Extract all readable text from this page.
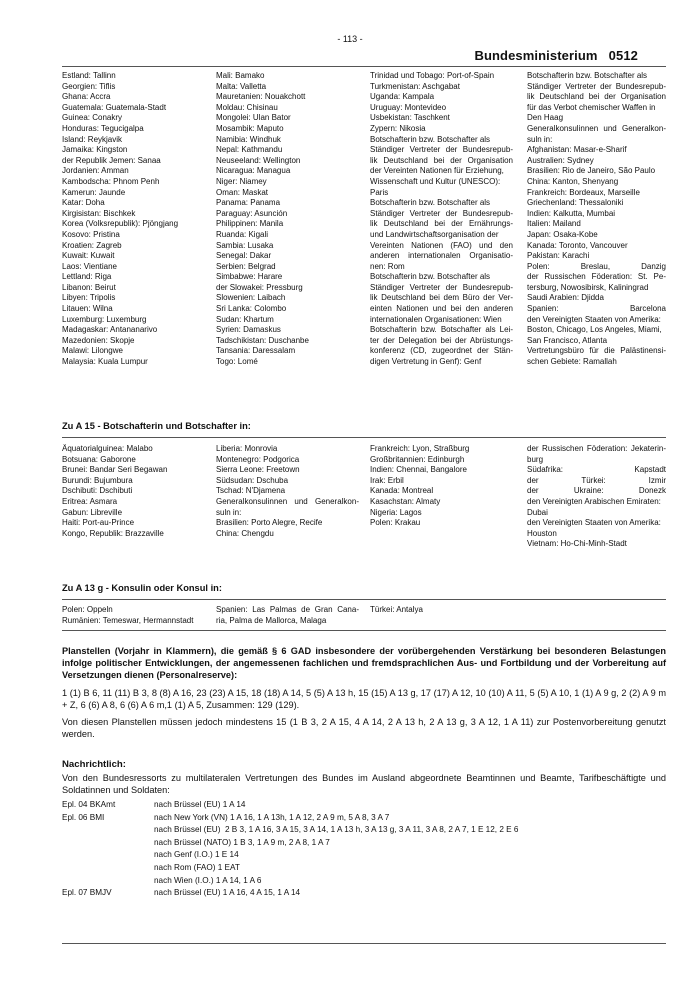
- 113 -
Bundesministerium 0512
Estland: Tallinn
Georgien: Tiflis
Ghana: Accra
Guatemala: Guatemala-Stadt
Guinea: Conakry
Honduras: Tegucigalpa
Island: Reykjavik
Jamaika: Kingston
der Republik Jemen: Sanaa
Jordanien: Amman
Kambodscha: Phnom Penh
Kamerun: Jaunde
Katar: Doha
Kirgisistan: Bischkek
Korea (Volksrepublik): Pjöngjang
Kosovo: Pristina
Kroatien: Zagreb
Kuwait: Kuwait
Laos: Vientiane
Lettland: Riga
Libanon: Beirut
Libyen: Tripolis
Litauen: Wilna
Luxemburg: Luxemburg
Madagaskar: Antananarivo
Mazedonien: Skopje
Malawi: Lilongwe
Malaysia: Kuala Lumpur
Mali: Bamako
Malta: Valletta
Mauretanien: Nouakchott
Moldau: Chisinau
Mongolei: Ulan Bator
Mosambik: Maputo
Namibia: Windhuk
Nepal: Kathmandu
Neuseeland: Wellington
Nicaragua: Managua
Niger: Niamey
Oman: Maskat
Panama: Panama
Paraguay: Asunción
Philippinen: Manila
Ruanda: Kigali
Sambia: Lusaka
Senegal: Dakar
Serbien: Belgrad
Simbabwe: Harare
der Slowakei: Pressburg
Slowenien: Laibach
Sri Lanka: Colombo
Sudan: Khartum
Syrien: Damaskus
Tadschikistan: Duschanbe
Tansania: Daressalam
Togo: Lomé
Trinidad und Tobago: Port-of-Spain
Turkmenistan: Aschgabat
Uganda: Kampala
Uruguay: Montevideo
Usbekistan: Taschkent
Zypern: Nikosia
Botschafterin bzw. Botschafter als
Ständiger Vertreter der Bundesrepub-
lik Deutschland bei der Organisation
der Vereinten Nationen für Erziehung,
Wissenschaft und Kultur (UNESCO):
Paris
Botschafterin bzw. Botschafter als
Ständiger Vertreter der Bundesrepub-
lik Deutschland bei der Ernährungs-
und Landwirtschaftsorganisation der
Vereinten Nationen (FAO) und den
anderen internationalen Organisatio-
nen: Rom
Botschafterin bzw. Botschafter als
Ständiger Vertreter der Bundesrepub-
lik Deutschland bei dem Büro der Ver-
einten Nationen und bei den anderen
internationalen Organisationen: Wien
Botschafterin bzw. Botschafter als Lei-
ter der Delegation bei der Abrüstungs-
konferenz (CD, zugeordnet der Stän-
digen Vertretung in Genf): Genf
Botschafterin bzw. Botschafter als
Ständiger Vertreter der Bundesrepub-
lik Deutschland bei der Organisation
für das Verbot chemischer Waffen in
Den Haag
Generalkonsulinnen und Generalkon-
suln in:
Afghanistan: Masar-e-Sharif
Australien: Sydney
Brasilien: Rio de Janeiro, São Paulo
China: Kanton, Shenyang
Frankreich: Bordeaux, Marseille
Griechenland: Thessaloniki
Indien: Kalkutta, Mumbai
Italien: Mailand
Japan: Osaka-Kobe
Kanada: Toronto, Vancouver
Pakistan: Karachi
Polen: Breslau, Danzig
der Russischen Föderation: St. Pe-
tersburg, Nowosibirsk, Kaliningrad
Saudi Arabien: Djidda
Spanien: Barcelona
den Vereinigten Staaten von Amerika:
Boston, Chicago, Los Angeles, Miami,
San Francisco, Atlanta
Vertretungsbüro für die Palästinensi-
schen Gebiete: Ramallah
Zu A 15 - Botschafterin und Botschafter in:
Äquatorialguinea: Malabo
Botsuana: Gaborone
Brunei: Bandar Seri Begawan
Burundi: Bujumbura
Dschibuti: Dschibuti
Eritrea: Asmara
Gabun: Libreville
Haiti: Port-au-Prince
Kongo, Republik: Brazzaville
Liberia: Monrovia
Montenegro: Podgorica
Sierra Leone: Freetown
Südsudan: Dschuba
Tschad: N'Djamena
Generalkonsulinnen und Generalkon-
suln in:
Brasilien: Porto Alegre, Recife
China: Chengdu
Frankreich: Lyon, Straßburg
Großbritannien: Edinburgh
Indien: Chennai, Bangalore
Irak: Erbil
Kanada: Montreal
Kasachstan: Almaty
Nigeria: Lagos
Polen: Krakau
der Russischen Föderation: Jekaterin-
burg
Südafrika: Kapstadt
der Türkei: Izmir
der Ukraine: Donezk
den Vereinigten Arabischen Emiraten:
Dubai
den Vereinigten Staaten von Amerika:
Houston
Vietnam: Ho-Chi-Minh-Stadt
Zu A 13 g - Konsulin oder Konsul in:
Polen: Oppeln
Rumänien: Temeswar, Hermannstadt
Spanien: Las Palmas de Gran Cana-
ria, Palma de Mallorca, Malaga
Türkei: Antalya
Planstellen (Vorjahr in Klammern), die gemäß § 6 GAD insbesondere der vorübergehenden Verstärkung bei besonderen Belastungen infolge politischer Entwicklungen, der angemessenen fachlichen und fremdsprachlichen Aus- und Fortbildung und der Vorbereitung auf Versetzungen dienen (Personalreserve):
1 (1) B 6, 11 (11) B 3, 8 (8) A 16, 23 (23) A 15, 18 (18) A 14, 5 (5) A 13 h, 15 (15) A 13 g, 17 (17) A 12, 10 (10) A 11, 5 (5) A 10, 1 (1) A 9 g, 2 (2) A 9 m + Z, 6 (6) A 8, 6 (6) A 6 m,1 (1) A 5, Zusammen: 129 (129).
Von diesen Planstellen müssen jedoch mindestens 15 (1 B 3, 2 A 15, 4 A 14, 2 A 13 h, 2 A 13 g, 3 A 12, 1 A 11) zur Postenvorbereitung genutzt werden.
Nachrichtlich:
Von den Bundesressorts zu multilateralen Vertretungen des Bundes im Ausland abgeordnete Beamtinnen und Beamte, Tarifbeschäftigte und Soldatinnen und Soldaten:
Epl. 04 BKAmt	nach Brüssel (EU) 1 A 14
Epl. 06 BMI	nach New York (VN) 1 A 16, 1 A 13h, 1 A 12, 2 A 9 m, 5 A 8, 3 A 7
nach Brüssel (EU)  2 B 3, 1 A 16, 3 A 15, 3 A 14, 1 A 13 h, 3 A 13 g, 3 A 11, 3 A 8, 2 A 7, 1 E 12, 2 E 6
nach Brüssel (NATO) 1 B 3, 1 A 9 m, 2 A 8, 1 A 7
nach Genf (I.O.) 1 E 14
nach Rom (FAO) 1 EAT
nach Wien (I.O.) 1 A 14, 1 A 6
Epl. 07 BMJV	nach Brüssel (EU) 1 A 16, 4 A 15, 1 A 14
